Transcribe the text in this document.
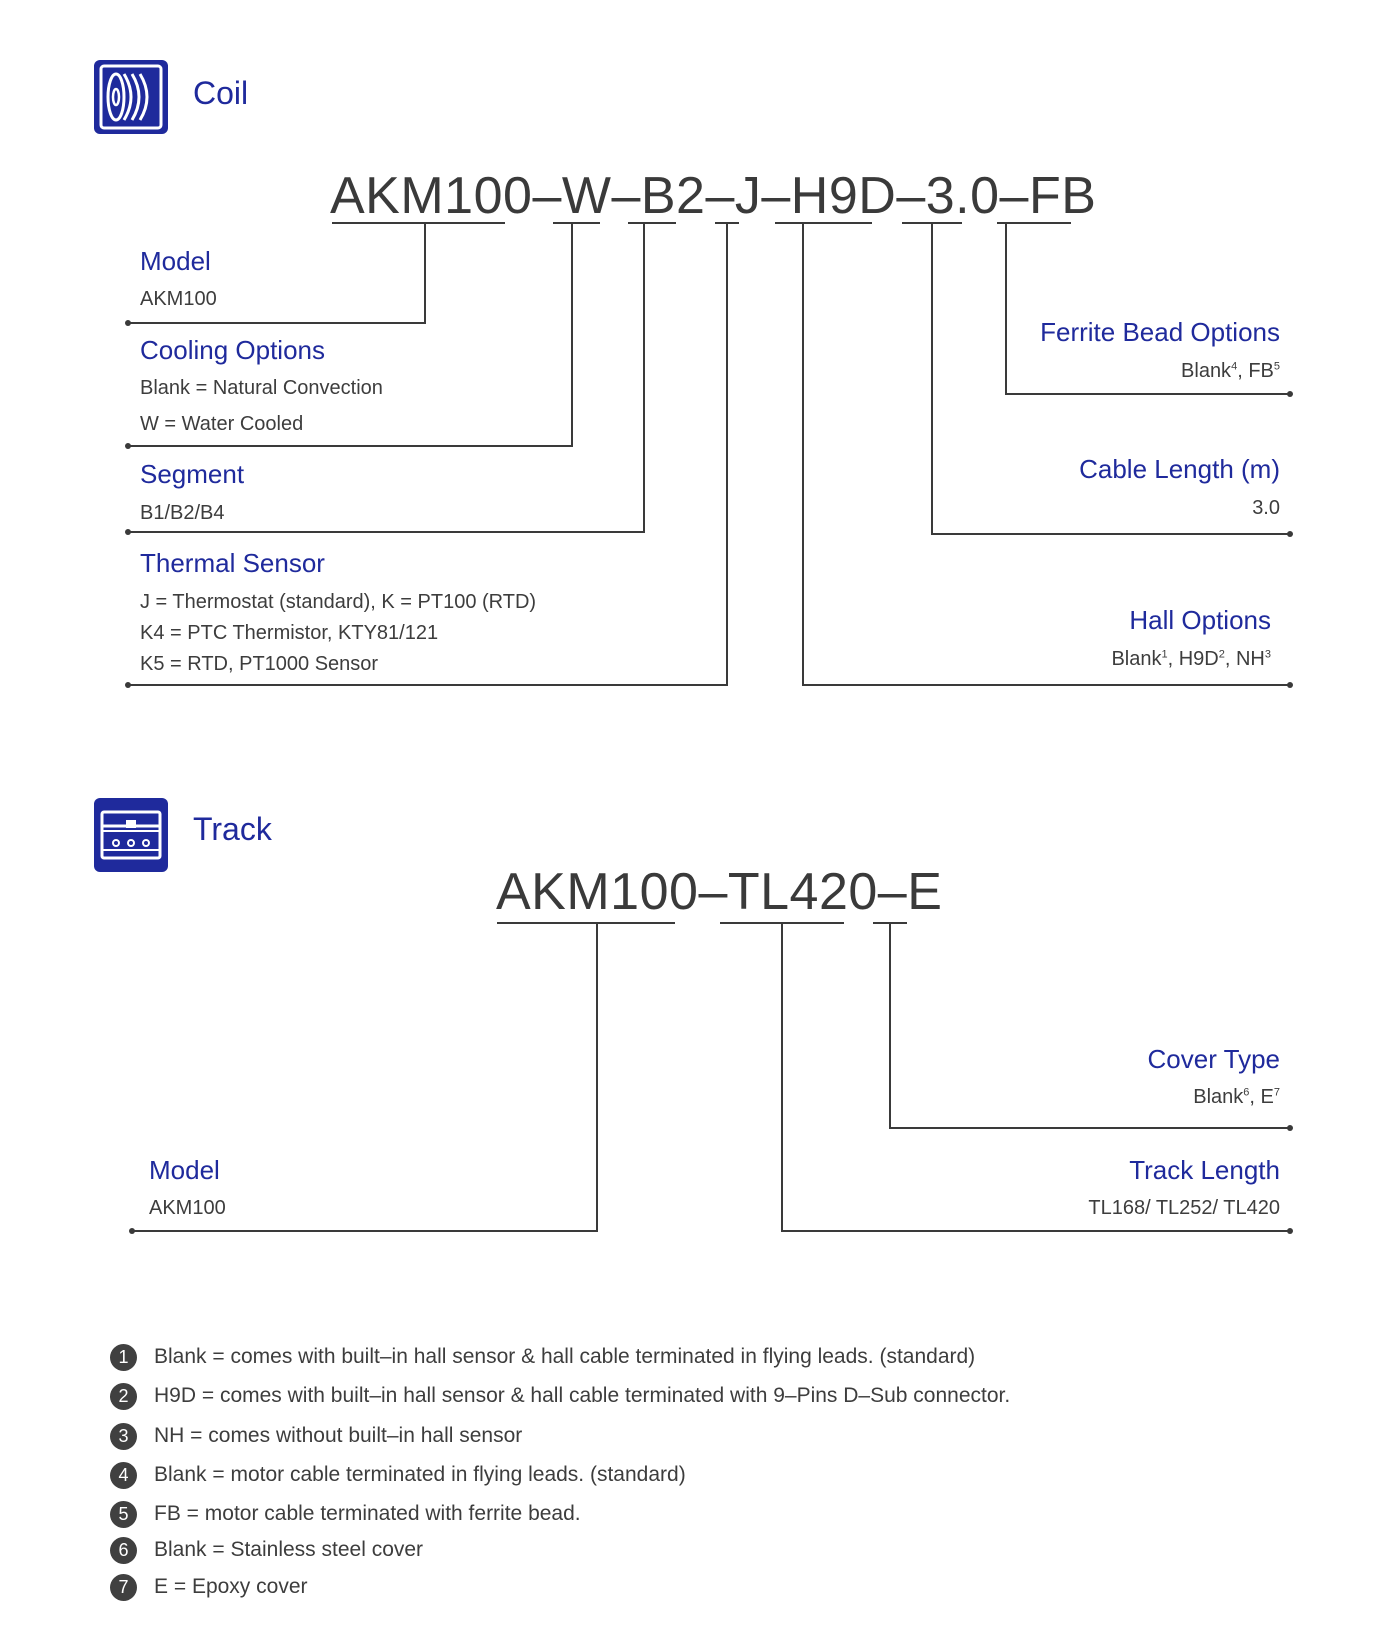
Coil
AKM100–W–B2–J–H9D–3.0–FB
Model
AKM100
Cooling Options
Blank = Natural Convection
W = Water Cooled
Segment
B1/B2/B4
Thermal Sensor
J = Thermostat (standard), K = PT100 (RTD)
K4 = PTC Thermistor, KTY81/121
K5 = RTD, PT1000 Sensor
Ferrite Bead Options
Blank$^4$, $FB^5$
Cable Length (m)
3.0
Hall Options
Blank$^1$, $H9D^2$, $NH^3$
Track
AKM100–TL420–E
Cover Type
Blank$^6$, $E^7$
Model
AKM100
Track Length
TL168/ TL252/ TL420
1	Blank = comes with built–in hall sensor & hall cable terminated in flying leads. (standard)
2	H9D = comes with built–in hall sensor & hall cable terminated with 9–Pins D–Sub connector.
3	NH = comes without built–in hall sensor
4	Blank = motor cable terminated in flying leads. (standard)
5	FB = motor cable terminated with ferrite bead.
6	Blank = Stainless steel cover
7	E = Epoxy cover
